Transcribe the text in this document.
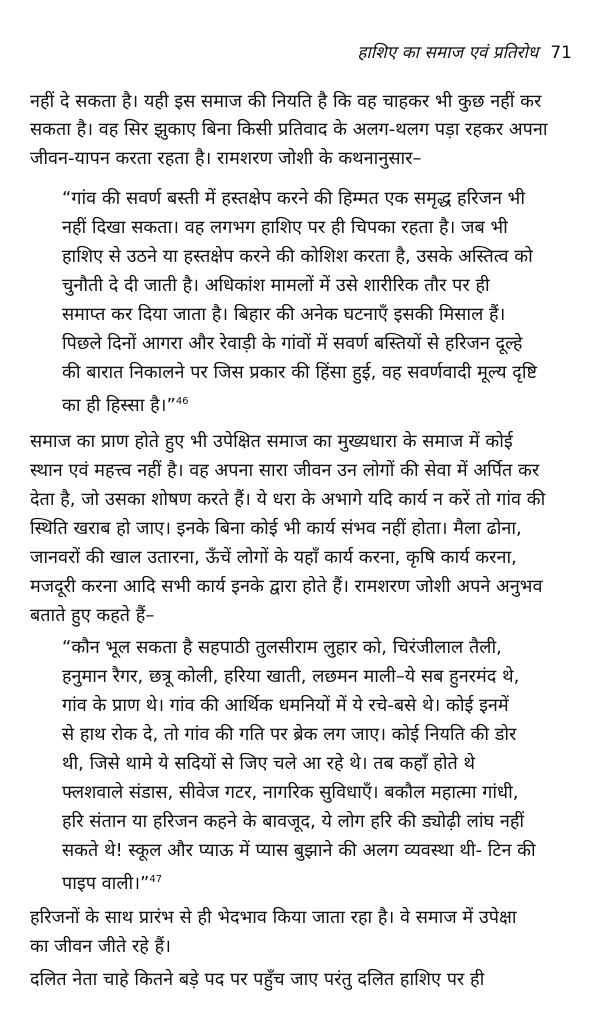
हाशिए का समाज एवं प्रतिरोध 71
नहीं दे सकता है। यही इस समाज की नियति है कि वह चाहकर भी कुछ नहीं कर
सकता है। वह सिर झुकाए बिना किसी प्रतिवाद के अलग-थलग पड़ा रहकर अपना
जीवन-यापन करता रहता है। रामशरण जोशी के कथनानुसार–
“गांव की सवर्ण बस्ती में हस्तक्षेप करने की हिम्मत एक समृद्ध हरिजन भी
नहीं दिखा सकता। वह लगभग हाशिए पर ही चिपका रहता है। जब भी
हाशिए से उठने या हस्तक्षेप करने की कोशिश करता है, उसके अस्तित्व को
चुनौती दे दी जाती है। अधिकांश मामलों में उसे शारीरिक तौर पर ही
समाप्त कर दिया जाता है। बिहार की अनेक घटनाएँ इसकी मिसाल हैं।
पिछले दिनों आगरा और रेवाड़ी के गांवों में सवर्ण बस्तियों से हरिजन दूल्हे
की बारात निकालने पर जिस प्रकार की हिंसा हुई, वह सवर्णवादी मूल्य दृष्टि
का ही हिस्सा है।”$^{46}$
समाज का प्राण होते हुए भी उपेक्षित समाज का मुख्यधारा के समाज में कोई
स्थान एवं महत्त्व नहीं है। वह अपना सारा जीवन उन लोगों की सेवा में अर्पित कर
देता है, जो उसका शोषण करते हैं। ये धरा के अभागे यदि कार्य न करें तो गांव की
स्थिति खराब हो जाए। इनके बिना कोई भी कार्य संभव नहीं होता। मैला ढोना,
जानवरों की खाल उतारना, ऊँचें लोगों के यहाँ कार्य करना, कृषि कार्य करना,
मजदूरी करना आदि सभी कार्य इनके द्वारा होते हैं। रामशरण जोशी अपने अनुभव
बताते हुए कहते हैं–
“कौन भूल सकता है सहपाठी तुलसीराम लुहार को, चिरंजीलाल तैली,
हनुमान रैगर, छत्रू कोली, हरिया खाती, लछमन माली–ये सब हुनरमंद थे,
गांव के प्राण थे। गांव की आर्थिक धमनियों में ये रचे-बसे थे। कोई इनमें
से हाथ रोक दे, तो गांव की गति पर ब्रेक लग जाए। कोई नियति की डोर
थी, जिसे थामे ये सदियों से जिए चले आ रहे थे। तब कहाँ होते थे
फ्लशवाले संडास, सीवेज गटर, नागरिक सुविधाएँ। बकौल महात्मा गांधी,
हरि संतान या हरिजन कहने के बावजूद, ये लोग हरि की ड्योढ़ी लांघ नहीं
सकते थे! स्कूल और प्याऊ में प्यास बुझाने की अलग व्यवस्था थी- टिन की
पाइप वाली।”$^{47}$
हरिजनों के साथ प्रारंभ से ही भेदभाव किया जाता रहा है। वे समाज में उपेक्षा
का जीवन जीते रहे हैं।
दलित नेता चाहे कितने बड़े पद पर पहुँच जाए परंतु दलित हाशिए पर ही
